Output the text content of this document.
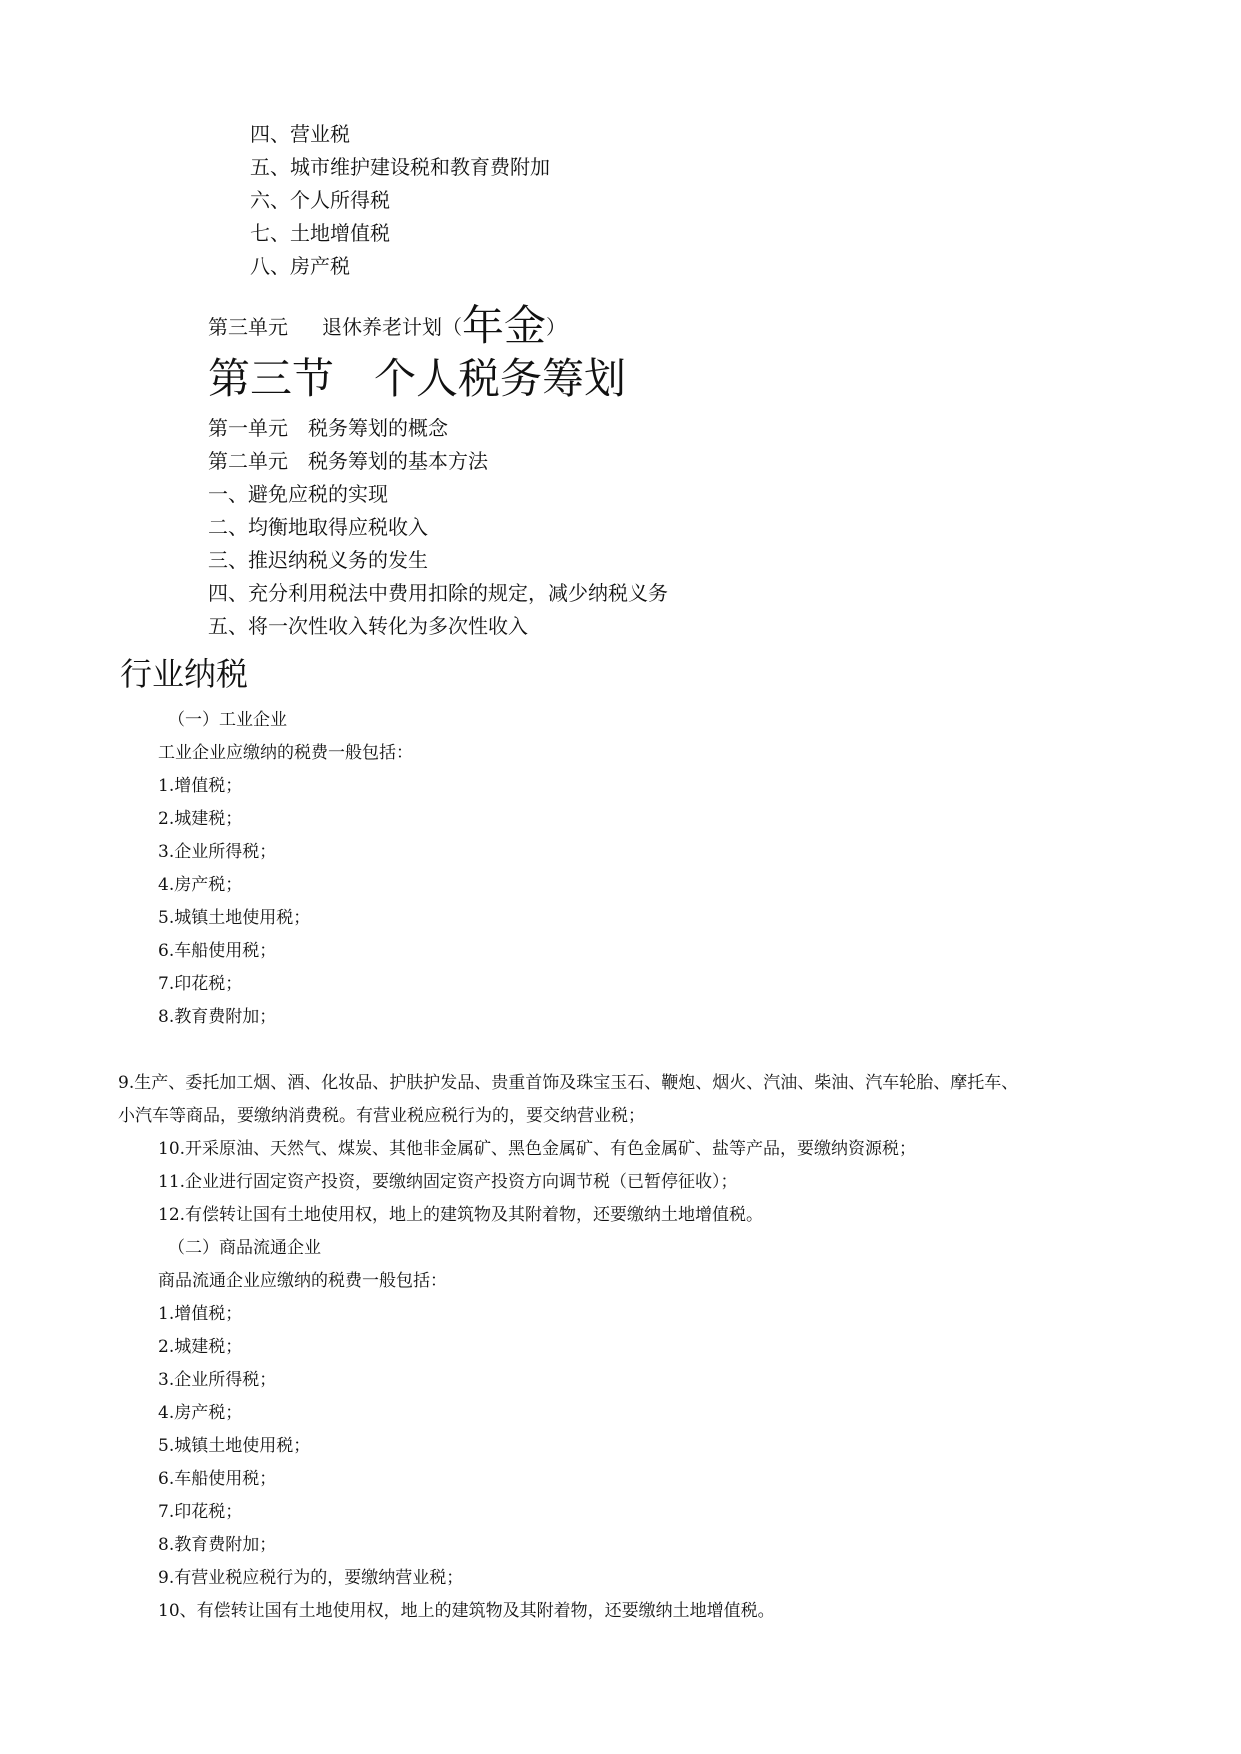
四、营业税
五、城市维护建设税和教育费附加
六、个人所得税
七、土地增值税
八、房产税
第三单元 退休养老计划（年金）
第三节 个人税务筹划
第一单元　税务筹划的概念
第二单元　税务筹划的基本方法
一、避免应税的实现
二、均衡地取得应税收入
三、推迟纳税义务的发生
四、充分利用税法中费用扣除的规定，减少纳税义务
五、将一次性收入转化为多次性收入
行业纳税
（一）工业企业
工业企业应缴纳的税费一般包括：
1.增值税；
2.城建税；
3.企业所得税；
4.房产税；
5.城镇土地使用税；
6.车船使用税；
7.印花税；
8.教育费附加；
9.生产、委托加工烟、酒、化妆品、护肤护发品、贵重首饰及珠宝玉石、鞭炮、烟火、汽油、柴油、汽车轮胎、摩托车、
小汽车等商品，要缴纳消费税。有营业税应税行为的，要交纳营业税；
10.开采原油、天然气、煤炭、其他非金属矿、黑色金属矿、有色金属矿、盐等产品，要缴纳资源税；
11.企业进行固定资产投资，要缴纳固定资产投资方向调节税（已暂停征收）；
12.有偿转让国有土地使用权，地上的建筑物及其附着物，还要缴纳土地增值税。
（二）商品流通企业
商品流通企业应缴纳的税费一般包括：
1.增值税；
2.城建税；
3.企业所得税；
4.房产税；
5.城镇土地使用税；
6.车船使用税；
7.印花税；
8.教育费附加；
9.有营业税应税行为的，要缴纳营业税；
10、有偿转让国有土地使用权，地上的建筑物及其附着物，还要缴纳土地增值税。
